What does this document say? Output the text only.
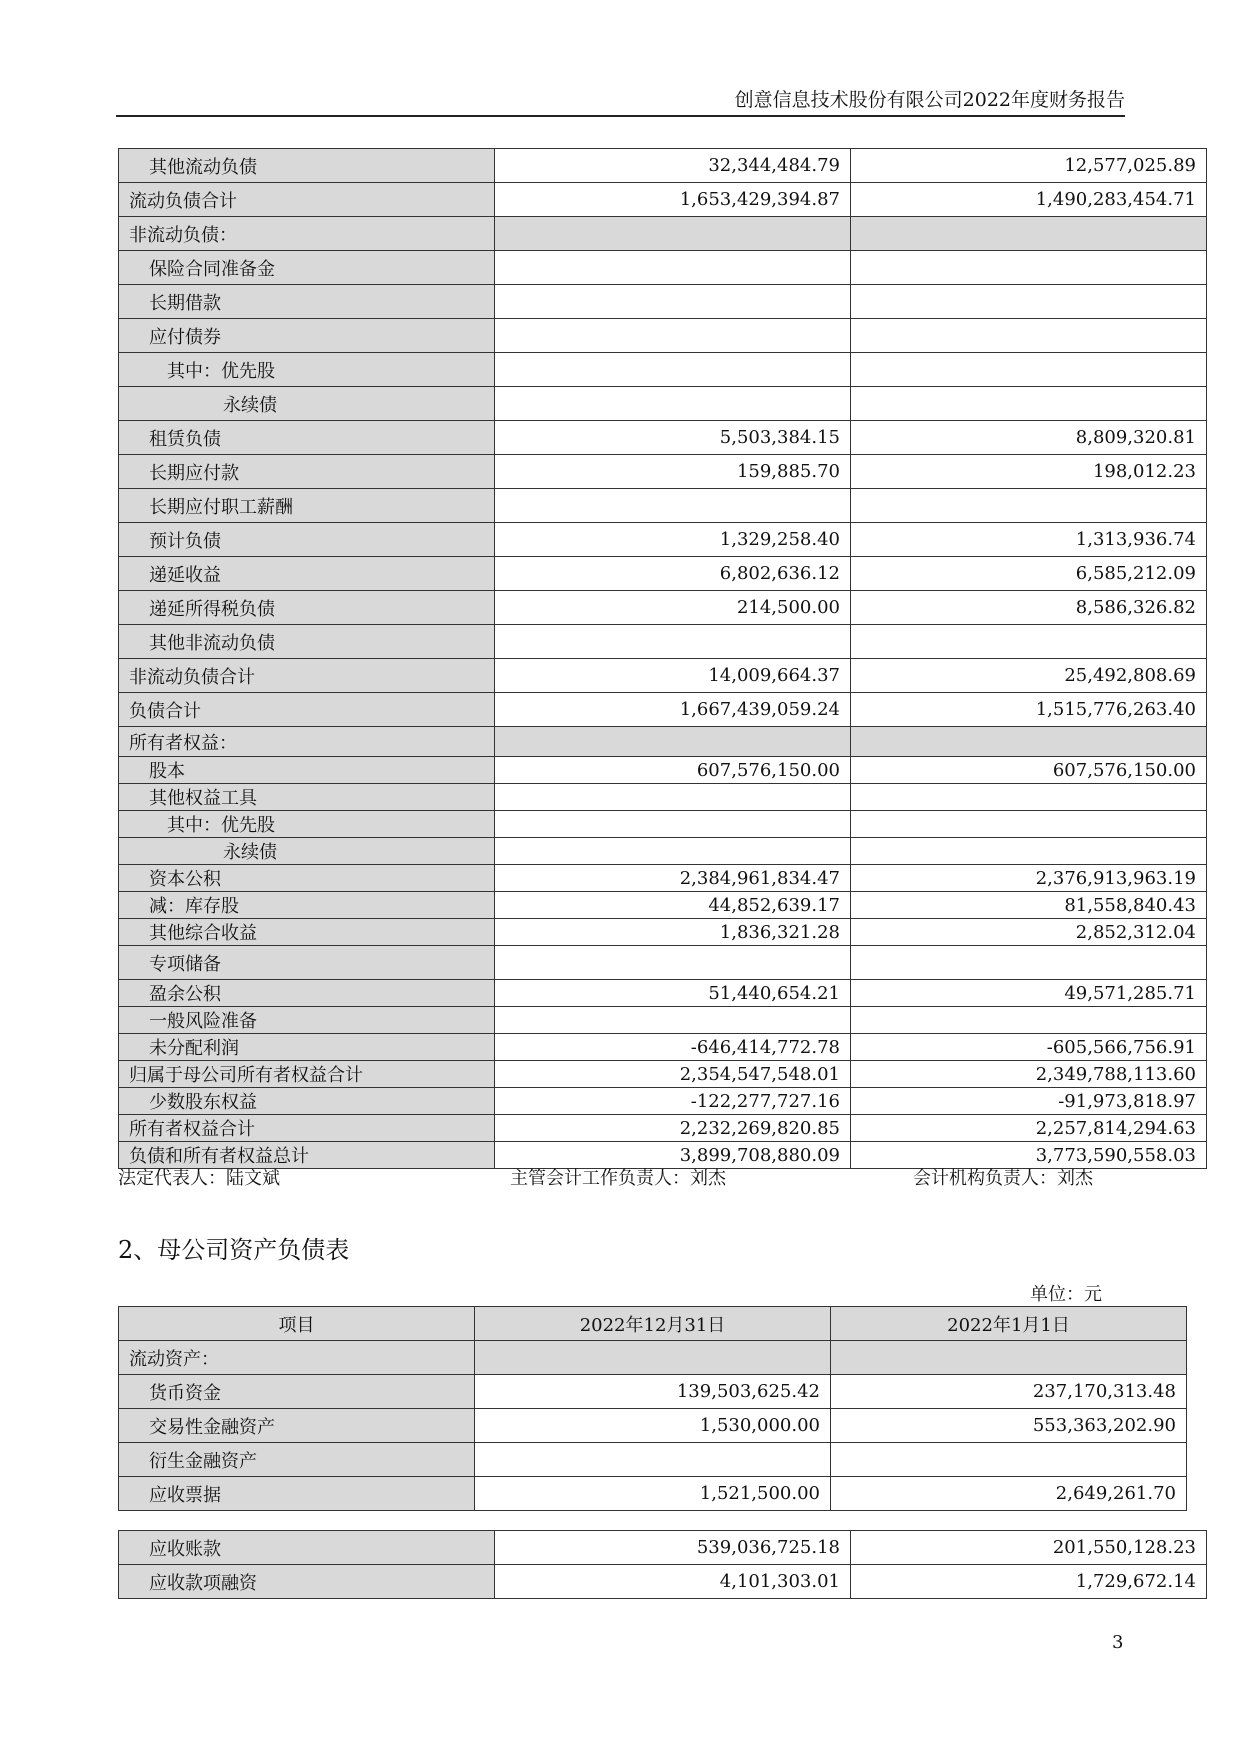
创意信息技术股份有限公司2022年度财务报告
其他流动负债	32,344,484.79	12,577,025.89
流动负债合计	1,653,429,394.87	1,490,283,454.71
非流动负债：		
保险合同准备金		
长期借款		
应付债券		
其中：优先股		
永续债		
租赁负债	5,503,384.15	8,809,320.81
长期应付款	159,885.70	198,012.23
长期应付职工薪酬		
预计负债	1,329,258.40	1,313,936.74
递延收益	6,802,636.12	6,585,212.09
递延所得税负债	214,500.00	8,586,326.82
其他非流动负债		
非流动负债合计	14,009,664.37	25,492,808.69
负债合计	1,667,439,059.24	1,515,776,263.40
所有者权益：		
股本	607,576,150.00	607,576,150.00
其他权益工具		
其中：优先股		
永续债		
资本公积	2,384,961,834.47	2,376,913,963.19
减：库存股	44,852,639.17	81,558,840.43
其他综合收益	1,836,321.28	2,852,312.04
专项储备		
盈余公积	51,440,654.21	49,571,285.71
一般风险准备		
未分配利润	-646,414,772.78	-605,566,756.91
归属于母公司所有者权益合计	2,354,547,548.01	2,349,788,113.60
少数股东权益	-122,277,727.16	-91,973,818.97
所有者权益合计	2,232,269,820.85	2,257,814,294.63
负债和所有者权益总计	3,899,708,880.09	3,773,590,558.03
法定代表人：陆文斌	主管会计工作负责人：刘杰	会计机构负责人：刘杰
2、母公司资产负债表
单位：元
项目	2022年12月31日	2022年1月1日
流动资产：		
货币资金	139,503,625.42	237,170,313.48
交易性金融资产	1,530,000.00	553,363,202.90
衍生金融资产		
应收票据	1,521,500.00	2,649,261.70
应收账款	539,036,725.18	201,550,128.23
应收款项融资	4,101,303.01	1,729,672.14
3
